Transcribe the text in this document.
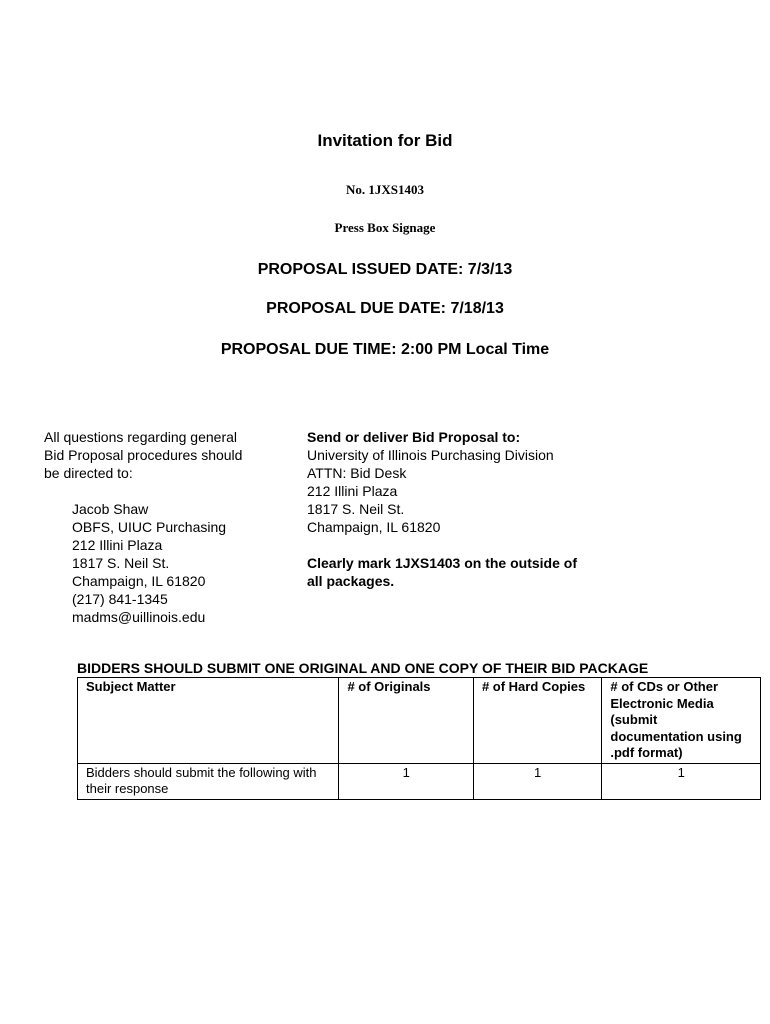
Invitation for Bid
No. 1JXS1403
Press Box Signage
PROPOSAL ISSUED DATE: 7/3/13
PROPOSAL DUE DATE: 7/18/13
PROPOSAL DUE TIME: 2:00 PM Local Time
All questions regarding general
Bid Proposal procedures should
be directed to:
Jacob Shaw
OBFS, UIUC Purchasing
212 Illini Plaza
1817 S. Neil St.
Champaign, IL 61820
(217) 841-1345
madms@uillinois.edu
Send or deliver Bid Proposal to:
University of Illinois Purchasing Division
ATTN: Bid Desk
212 Illini Plaza
1817 S. Neil St.
Champaign, IL 61820
Clearly mark 1JXS1403 on the outside of
all packages.
BIDDERS SHOULD SUBMIT ONE ORIGINAL AND ONE COPY OF THEIR BID PACKAGE
Subject Matter	# of Originals	# of Hard Copies	# of CDs or Other Electronic Media (submit documentation using .pdf format)
Bidders should submit the following with their response	1	1	1
